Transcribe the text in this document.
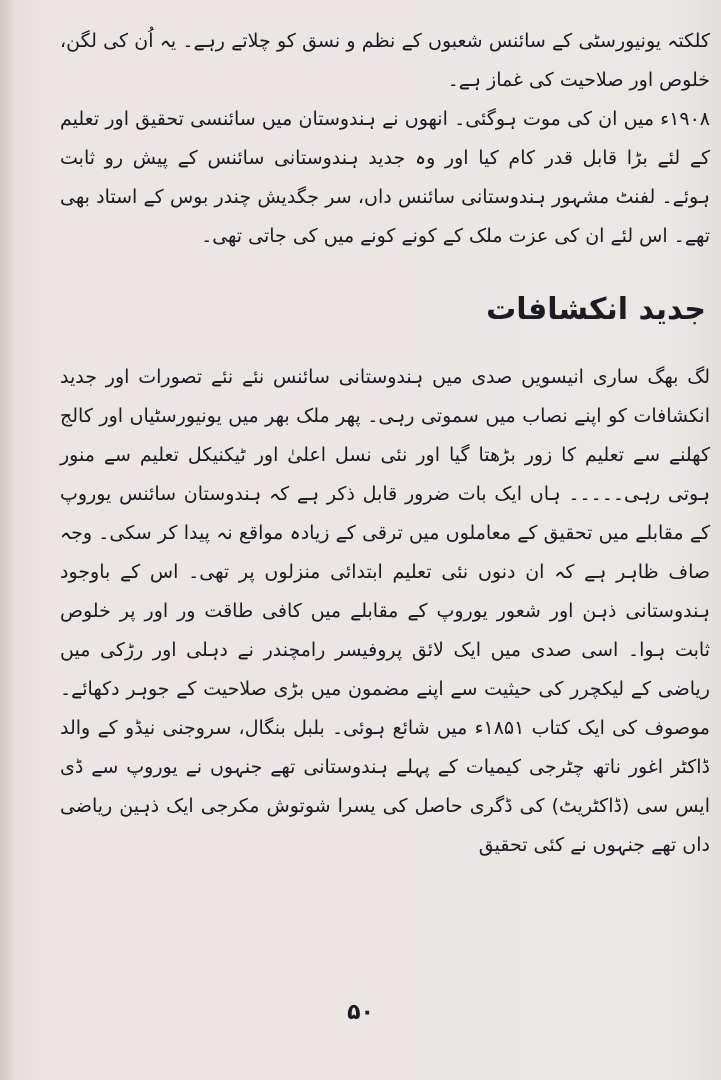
کلکتہ یونیورسٹی کے سائنس شعبوں کے نظم و نسق کو چلاتے رہے۔ یہ اُن کی لگن، خلوص اور صلاحیت کی غماز ہے۔

۱۹۰۸ء میں ان کی موت ہوگئی۔ انھوں نے ہندوستان میں سائنسی تحقیق اور تعلیم کے لئے بڑا قابل قدر کام کیا اور وہ جدید ہندوستانی سائنس کے پیش رو ثابت ہوئے۔ لفنٹ مشہور ہندوستانی سائنس داں، سر جگدیش چندر بوس کے استاد بھی تھے۔ اس لئے ان کی عزت ملک کے کونے کونے میں کی جاتی تھی۔

جدید انکشافات

لگ بھگ ساری انیسویں صدی میں ہندوستانی سائنس نئے نئے تصورات اور جدید انکشافات کو اپنے نصاب میں سموتی رہی۔ پھر ملک بھر میں یونیورسٹیاں اور کالج کھلنے سے تعلیم کا زور بڑھتا گیا اور نئی نسل اعلیٰ اور ٹیکنیکل تعلیم سے منور ہوتی رہی۔۔۔۔۔ ہاں ایک بات ضرور قابل ذکر ہے کہ ہندوستان سائنس یوروپ کے مقابلے میں تحقیق کے معاملوں میں ترقی کے زیادہ مواقع نہ پیدا کر سکی۔ وجہ صاف ظاہر ہے کہ ان دنوں نئی تعلیم ابتدائی منزلوں پر تھی۔ اس کے باوجود ہندوستانی ذہن اور شعور یوروپ کے مقابلے میں کافی طاقت ور اور پر خلوص ثابت ہوا۔ اسی صدی میں ایک لائق پروفیسر رامچندر نے دہلی اور رڑکی میں ریاضی کے لیکچرر کی حیثیت سے اپنے مضمون میں بڑی صلاحیت کے جوہر دکھائے۔ موصوف کی ایک کتاب ۱۸۵۱ء میں شائع ہوئی۔ بلبل بنگال، سروجنی نیڈو کے والد ڈاکٹر اغور ناتھ چٹرجی کیمیات کے پہلے ہندوستانی تھے جنہوں نے یوروپ سے ڈی ایس سی (ڈاکٹریٹ) کی ڈگری حاصل کی یسرا شوتوش مکرجی ایک ذہین ریاضی داں تھے جنہوں نے کئی تحقیق

۵۰
